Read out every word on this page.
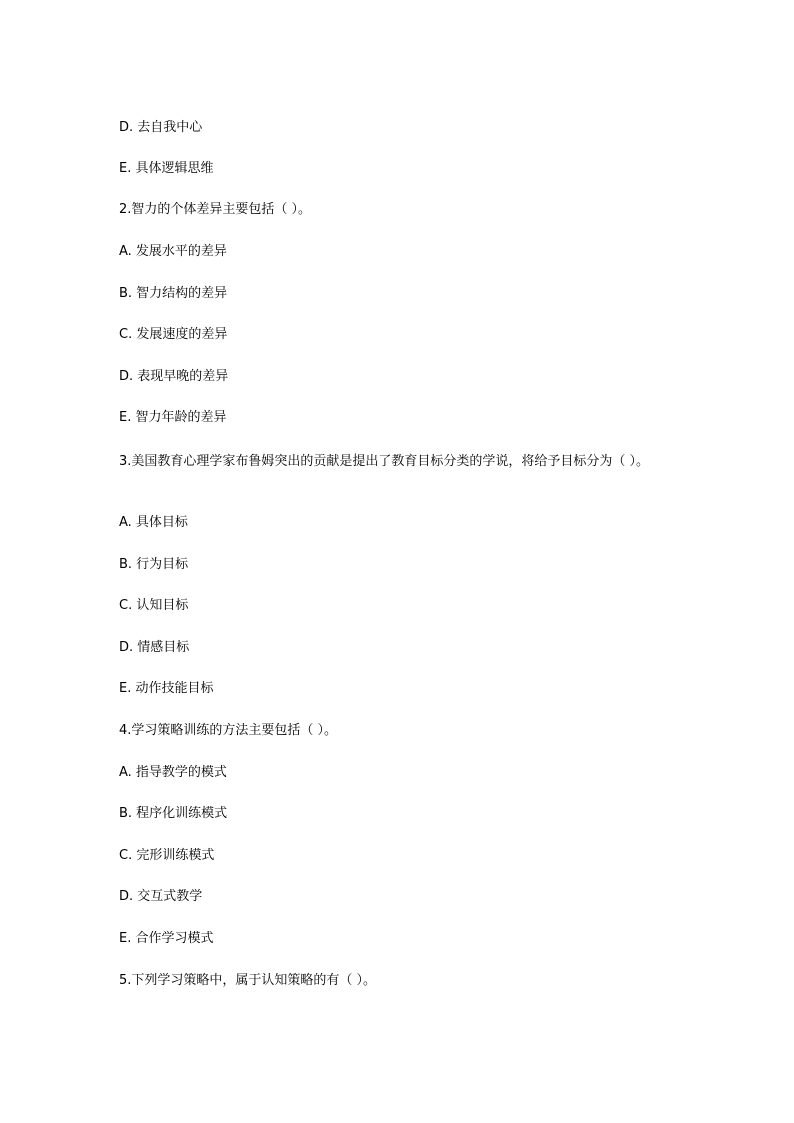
D. 去自我中心
E. 具体逻辑思维
2.智力的个体差异主要包括（ ）。
A. 发展水平的差异
B. 智力结构的差异
C. 发展速度的差异
D. 表现早晚的差异
E. 智力年龄的差异
3.美国教育心理学家布鲁姆突出的贡献是提出了教育目标分类的学说，将给予目标分为（ ）。
A. 具体目标
B. 行为目标
C. 认知目标
D. 情感目标
E. 动作技能目标
4.学习策略训练的方法主要包括（ ）。
A. 指导教学的模式
B. 程序化训练模式
C. 完形训练模式
D. 交互式教学
E. 合作学习模式
5.下列学习策略中，属于认知策略的有（ ）。
